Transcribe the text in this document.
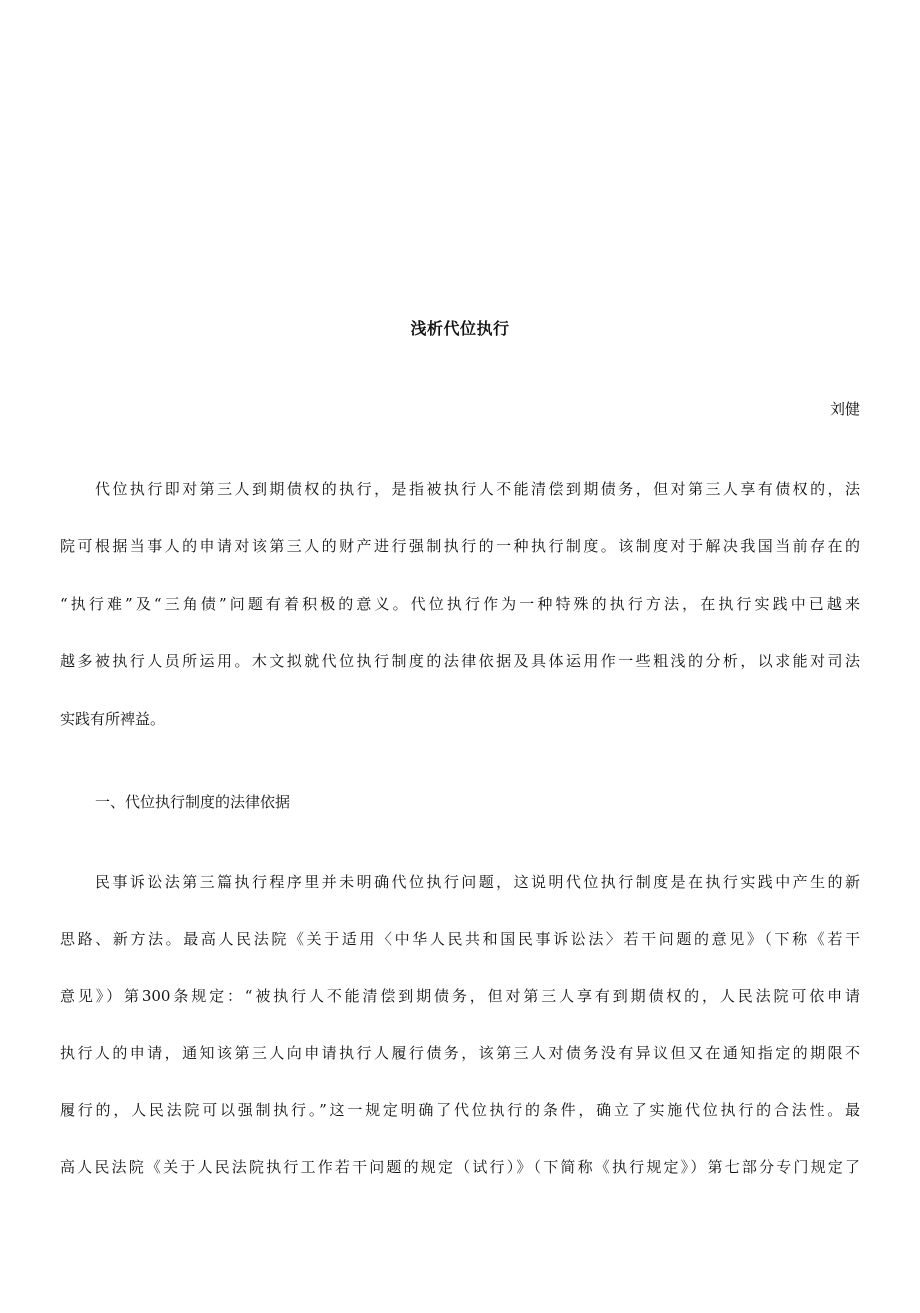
浅析代位执行
刘健
代位执行即对第三人到期债权的执行，是指被执行人不能清偿到期债务，但对第三人享有债权的，法
院可根据当事人的申请对该第三人的财产进行强制执行的一种执行制度。该制度对于解决我国当前存在的
“执行难”及“三角债”问题有着积极的意义。代位执行作为一种特殊的执行方法，在执行实践中已越来
越多被执行人员所运用。木文拟就代位执行制度的法律依据及具体运用作一些粗浅的分析，以求能对司法
实践有所裨益。
一、代位执行制度的法律依据
民事诉讼法第三篇执行程序里并未明确代位执行问题，这说明代位执行制度是在执行实践中产生的新
思路、新方法。最高人民法院《关于适用〈中华人民共和国民事诉讼法〉若干问题的意见》（下称《若干
意见》）第300条规定：“被执行人不能清偿到期债务，但对第三人享有到期债权的，人民法院可依申请
执行人的申请，通知该第三人向申请执行人履行债务，该第三人对债务没有异议但又在通知指定的期限不
履行的，人民法院可以强制执行。”这一规定明确了代位执行的条件，确立了实施代位执行的合法性。最
高人民法院《关于人民法院执行工作若干问题的规定（试行）》（下简称《执行规定》）第七部分专门规定了
